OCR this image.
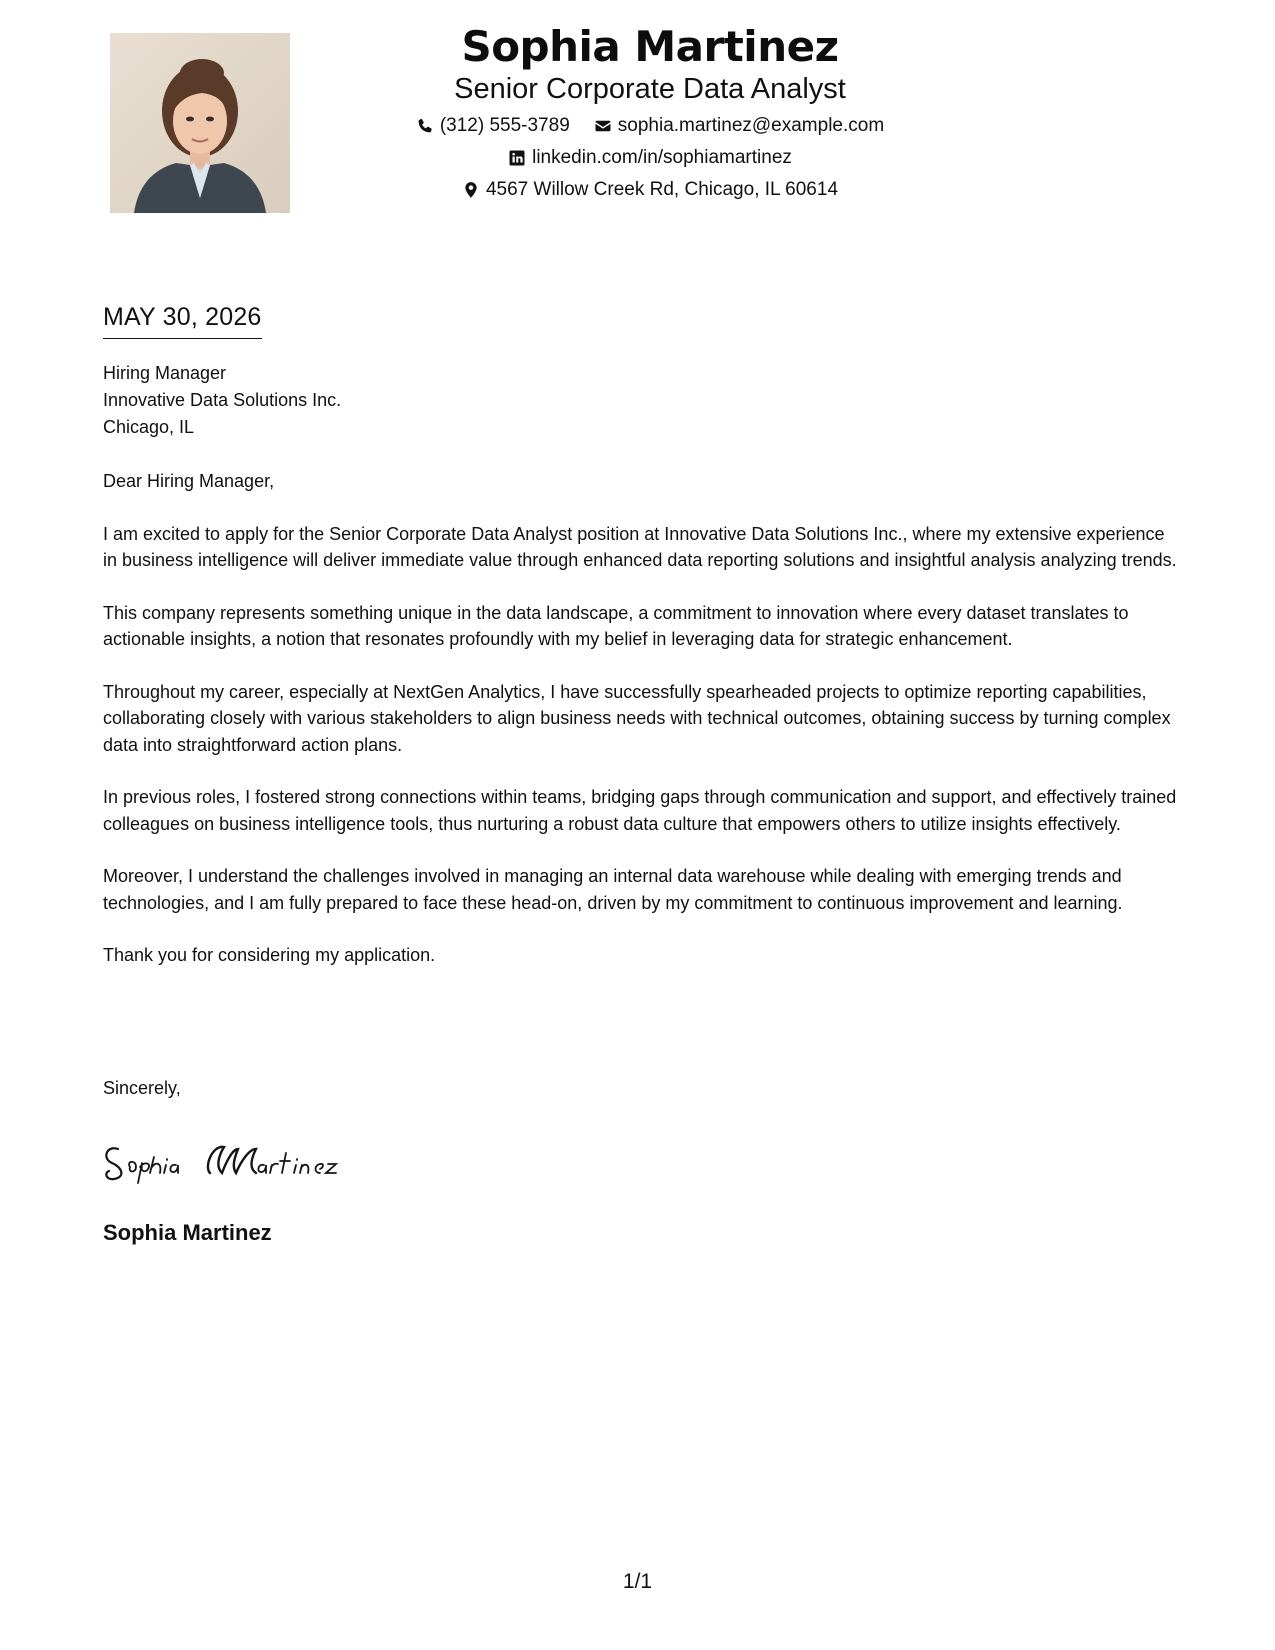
Sophia Martinez
Senior Corporate Data Analyst
(312) 555-3789	sophia.martinez@example.com
linkedin.com/in/sophiamartinez
4567 Willow Creek Rd, Chicago, IL 60614
MAY 30, 2026
Hiring Manager
Innovative Data Solutions Inc.
Chicago, IL

Dear Hiring Manager,

I am excited to apply for the Senior Corporate Data Analyst position at Innovative Data Solutions Inc., where my extensive experience in business intelligence will deliver immediate value through enhanced data reporting solutions and insightful analysis analyzing trends.

This company represents something unique in the data landscape, a commitment to innovation where every dataset translates to actionable insights, a notion that resonates profoundly with my belief in leveraging data for strategic enhancement.

Throughout my career, especially at NextGen Analytics, I have successfully spearheaded projects to optimize reporting capabilities, collaborating closely with various stakeholders to align business needs with technical outcomes, obtaining success by turning complex data into straightforward action plans.

In previous roles, I fostered strong connections within teams, bridging gaps through communication and support, and effectively trained colleagues on business intelligence tools, thus nurturing a robust data culture that empowers others to utilize insights effectively.

Moreover, I understand the challenges involved in managing an internal data warehouse while dealing with emerging trends and technologies, and I am fully prepared to face these head-on, driven by my commitment to continuous improvement and learning.

Thank you for considering my application.

Sincerely,
Sophia Martinez
1/1
